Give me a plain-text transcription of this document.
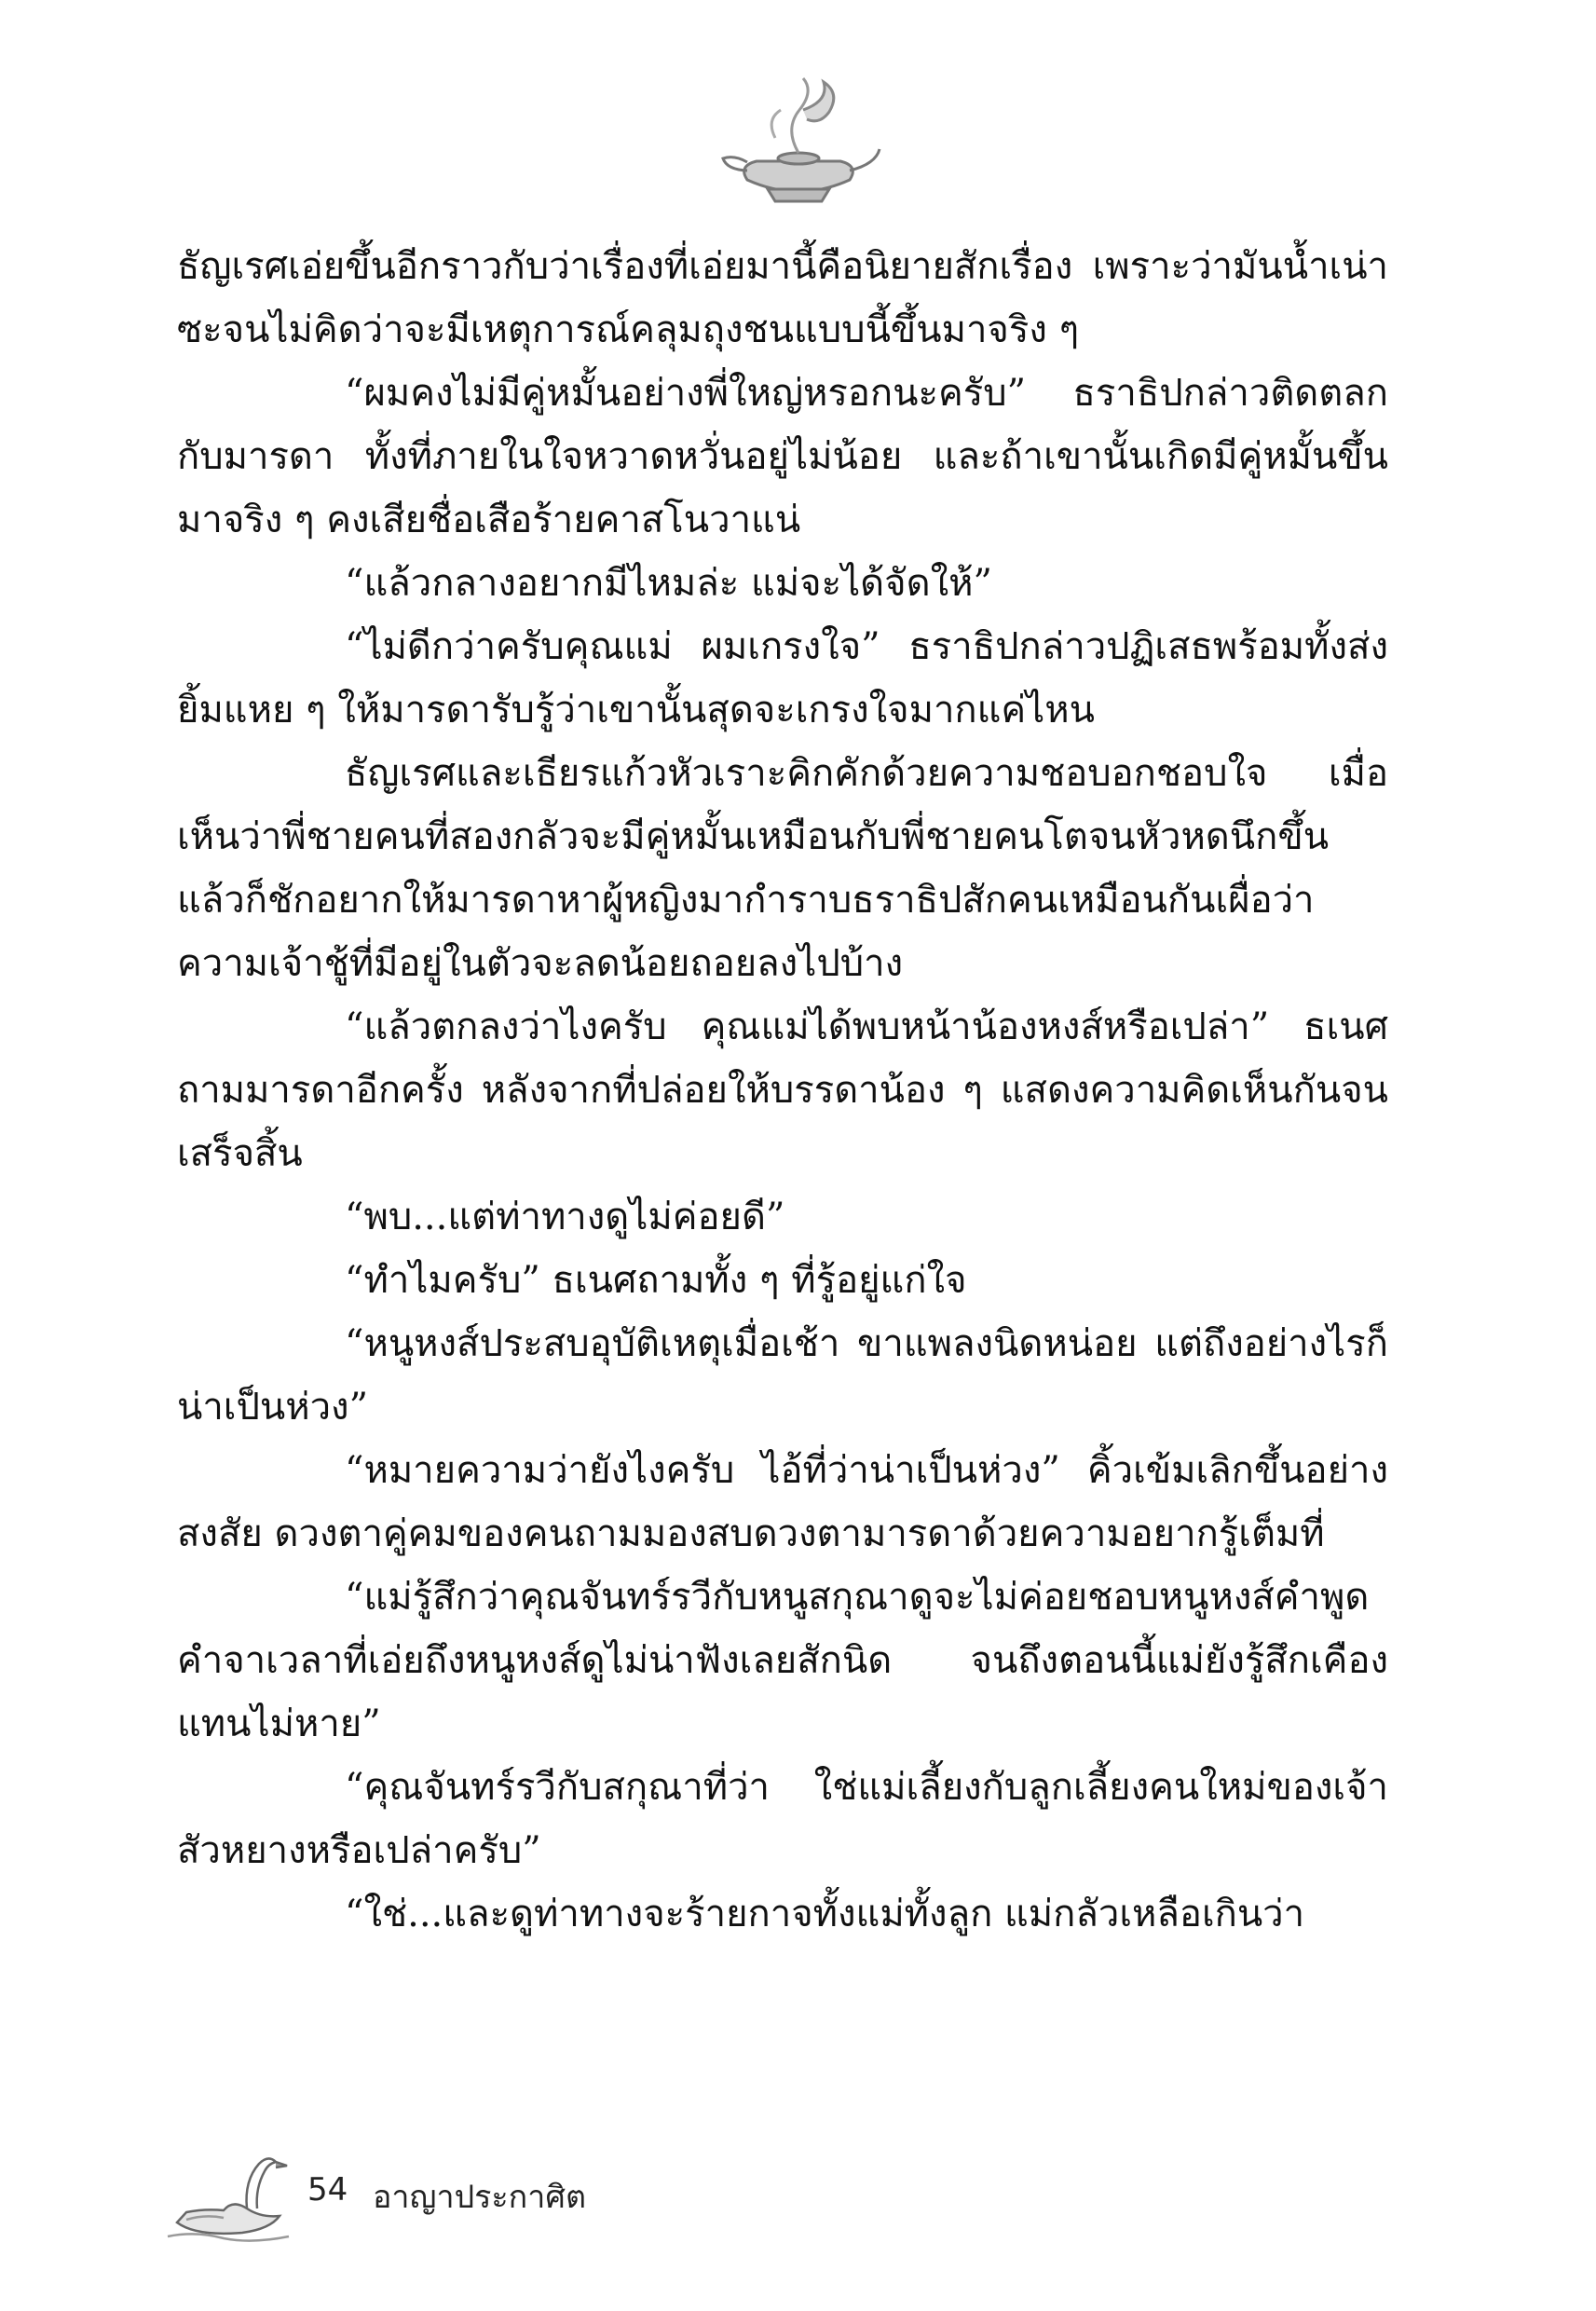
ธัญเรศเอ่ยขึ้นอีกราวกับว่าเรื่องที่เอ่ยมานี้คือนิยายสักเรื่อง เพราะว่ามันน้ำเน่าซะจนไม่คิดว่าจะมีเหตุการณ์คลุมถุงชนแบบนี้ขึ้นมาจริง ๆ

“ผมคงไม่มีคู่หมั้นอย่างพี่ใหญ่หรอกนะครับ” ธราธิปกล่าวติดตลกกับมารดา ทั้งที่ภายในใจหวาดหวั่นอยู่ไม่น้อย และถ้าเขานั้นเกิดมีคู่หมั้นขึ้นมาจริง ๆ คงเสียชื่อเสือร้ายคาสโนวาแน่

“แล้วกลางอยากมีไหมล่ะ แม่จะได้จัดให้”

“ไม่ดีกว่าครับคุณแม่ ผมเกรงใจ” ธราธิปกล่าวปฏิเสธพร้อมทั้งส่งยิ้มแหย ๆ ให้มารดารับรู้ว่าเขานั้นสุดจะเกรงใจมากแค่ไหน

ธัญเรศและเธียรแก้วหัวเราะคิกคักด้วยความชอบอกชอบใจ เมื่อเห็นว่าพี่ชายคนที่สองกลัวจะมีคู่หมั้นเหมือนกับพี่ชายคนโตจนหัวหดนึกขึ้นแล้วก็ชักอยากให้มารดาหาผู้หญิงมากำราบธราธิปสักคนเหมือนกันเผื่อว่าความเจ้าชู้ที่มีอยู่ในตัวจะลดน้อยถอยลงไปบ้าง

“แล้วตกลงว่าไงครับ คุณแม่ได้พบหน้าน้องหงส์หรือเปล่า” ธเนศถามมารดาอีกครั้ง หลังจากที่ปล่อยให้บรรดาน้อง ๆ แสดงความคิดเห็นกันจนเสร็จสิ้น

“พบ...แต่ท่าทางดูไม่ค่อยดี”

“ทำไมครับ” ธเนศถามทั้ง ๆ ที่รู้อยู่แก่ใจ

“หนูหงส์ประสบอุบัติเหตุเมื่อเช้า ขาแพลงนิดหน่อย แต่ถึงอย่างไรก็น่าเป็นห่วง”

“หมายความว่ายังไงครับ ไอ้ที่ว่าน่าเป็นห่วง” คิ้วเข้มเลิกขึ้นอย่างสงสัย ดวงตาคู่คมของคนถามมองสบดวงตามารดาด้วยความอยากรู้เต็มที่

“แม่รู้สึกว่าคุณจันทร์รวีกับหนูสกุณาดูจะไม่ค่อยชอบหนูหงส์คำพูดคำจาเวลาที่เอ่ยถึงหนูหงส์ดูไม่น่าฟังเลยสักนิด จนถึงตอนนี้แม่ยังรู้สึกเคืองแทนไม่หาย”

“คุณจันทร์รวีกับสกุณาที่ว่า ใช่แม่เลี้ยงกับลูกเลี้ยงคนใหม่ของเจ้าสัวหยางหรือเปล่าครับ”

“ใช่...และดูท่าทางจะร้ายกาจทั้งแม่ทั้งลูก แม่กลัวเหลือเกินว่า

54 อาญาประกาศิต
